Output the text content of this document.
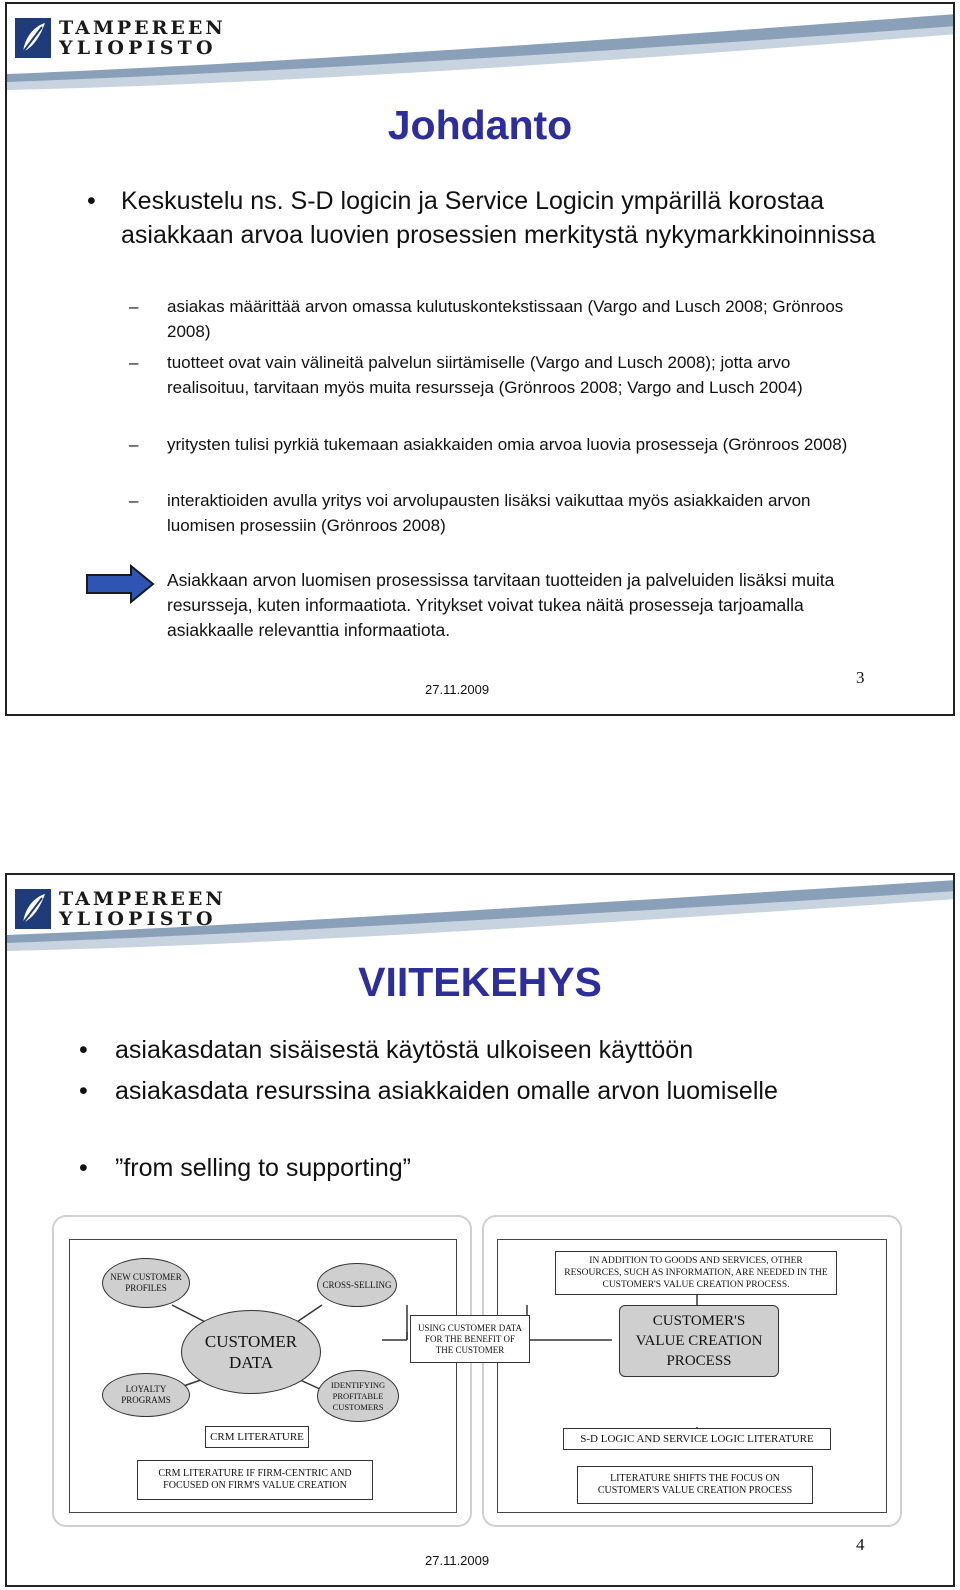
TAMPEREEN
YLIOPISTO
Johdanto
• Keskustelu ns. S-D logicin ja Service Logicin ympärillä korostaa asiakkaan arvoa luovien prosessien merkitystä nykymarkkinoinnissa
– asiakas määrittää arvon omassa kulutuskontekstissaan (Vargo and Lusch 2008; Grönroos 2008)
– tuotteet ovat vain välineitä palvelun siirtämiselle (Vargo and Lusch 2008); jotta arvo realisoituu, tarvitaan myös muita resursseja (Grönroos 2008; Vargo and Lusch 2004)
– yritysten tulisi pyrkiä tukemaan asiakkaiden omia arvoa luovia prosesseja (Grönroos 2008)
– interaktioiden avulla yritys voi arvolupausten lisäksi vaikuttaa myös asiakkaiden arvon luomisen prosessiin (Grönroos 2008)
Asiakkaan arvon luomisen prosessissa tarvitaan tuotteiden ja palveluiden lisäksi muita resursseja, kuten informaatiota. Yritykset voivat tukea näitä prosesseja tarjoamalla asiakkaalle relevanttia informaatiota.
27.11.2009
3
TAMPEREEN
YLIOPISTO
VIITEKEHYS
• asiakasdatan sisäisestä käytöstä ulkoiseen käyttöön
• asiakasdata resurssina asiakkaiden omalle arvon luomiselle
• ”from selling to supporting”
NEW CUSTOMER PROFILES	CROSS-SELLING
CUSTOMER DATA
LOYALTY PROGRAMS
IDENTIFYING PROFITABLE CUSTOMERS
USING CUSTOMER DATA FOR THE BENEFIT OF THE CUSTOMER
IN ADDITION TO GOODS AND SERVICES, OTHER RESOURCES, SUCH AS INFORMATION, ARE NEEDED IN THE CUSTOMER'S VALUE CREATION PROCESS.
CUSTOMER'S VALUE CREATION PROCESS
CRM LITERATURE	S-D LOGIC AND SERVICE LOGIC LITERATURE
CRM LITERATURE IF FIRM-CENTRIC AND FOCUSED ON FIRM'S VALUE CREATION
LITERATURE SHIFTS THE FOCUS ON CUSTOMER'S VALUE CREATION PROCESS
27.11.2009
4
